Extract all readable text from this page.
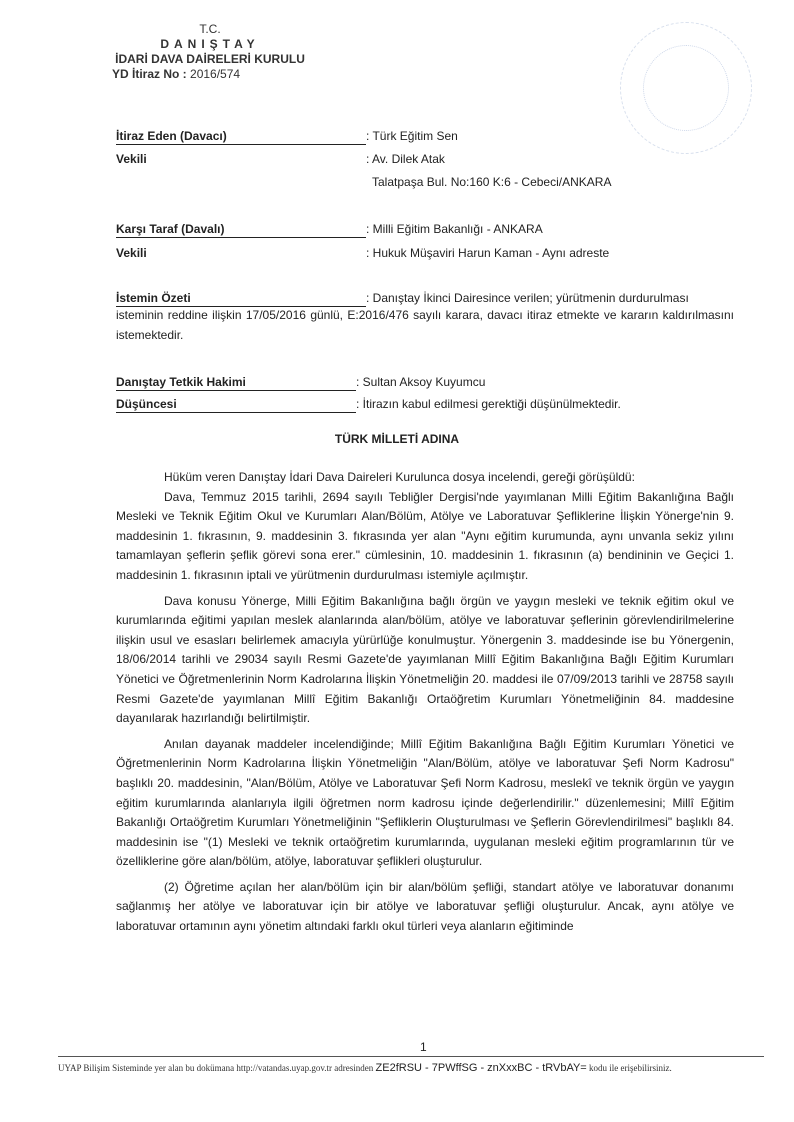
T.C.
DANIŞTAY
İDARİ DAVA DAİRELERİ KURULU
YD İtiraz No : 2016/574
İtiraz Eden (Davacı)	: Türk Eğitim Sen
Vekili	: Av. Dilek Atak
Talatpaşa Bul. No:160 K:6 - Cebeci/ANKARA
Karşı Taraf (Davalı)	: Milli Eğitim Bakanlığı - ANKARA
Vekili	: Hukuk Müşaviri Harun Kaman - Aynı adreste
İstemin Özeti	: Danıştay İkinci Dairesince verilen; yürütmenin durdurulması
isteminin reddine ilişkin 17/05/2016 günlü, E:2016/476 sayılı karara, davacı itiraz etmekte ve kararın kaldırılmasını istemektedir.
Danıştay Tetkik Hakimi	: Sultan Aksoy Kuyumcu
Düşüncesi	: İtirazın kabul edilmesi gerektiği düşünülmektedir.
TÜRK MİLLETİ ADINA

Hüküm veren Danıştay İdari Dava Daireleri Kurulunca dosya incelendi, gereği görüşüldü:

Dava, Temmuz 2015 tarihli, 2694 sayılı Tebliğler Dergisi'nde yayımlanan Milli Eğitim Bakanlığına Bağlı Mesleki ve Teknik Eğitim Okul ve Kurumları Alan/Bölüm, Atölye ve Laboratuvar Şefliklerine İlişkin Yönerge'nin 9. maddesinin 1. fıkrasının, 9. maddesinin 3. fıkrasında yer alan "Aynı eğitim kurumunda, aynı unvanla sekiz yılını tamamlayan şeflerin şeflik görevi sona erer." cümlesinin, 10. maddesinin 1. fıkrasının (a) bendininin ve Geçici 1. maddesinin 1. fıkrasının iptali ve yürütmenin durdurulması istemiyle açılmıştır.

Dava konusu Yönerge, Milli Eğitim Bakanlığına bağlı örgün ve yaygın mesleki ve teknik eğitim okul ve kurumlarında eğitimi yapılan meslek alanlarında alan/bölüm, atölye ve laboratuvar şeflerinin görevlendirilmelerine ilişkin usul ve esasları belirlemek amacıyla yürürlüğe konulmuştur. Yönergenin 3. maddesinde ise bu Yönergenin, 18/06/2014 tarihli ve 29034 sayılı Resmi Gazete'de yayımlanan Millî Eğitim Bakanlığına Bağlı Eğitim Kurumları Yönetici ve Öğretmenlerinin Norm Kadrolarına İlişkin Yönetmeliğin 20. maddesi ile 07/09/2013 tarihli ve 28758 sayılı Resmi Gazete'de yayımlanan Millî Eğitim Bakanlığı Ortaöğretim Kurumları Yönetmeliğinin 84. maddesine dayanılarak hazırlandığı belirtilmiştir.

Anılan dayanak maddeler incelendiğinde; Millî Eğitim Bakanlığına Bağlı Eğitim Kurumları Yönetici ve Öğretmenlerinin Norm Kadrolarına İlişkin Yönetmeliğin "Alan/Bölüm, atölye ve laboratuvar Şefi Norm Kadrosu" başlıklı 20. maddesinin, "Alan/Bölüm, Atölye ve Laboratuvar Şefi Norm Kadrosu, meslekî ve teknik örgün ve yaygın eğitim kurumlarında alanlarıyla ilgili öğretmen norm kadrosu içinde değerlendirilir." düzenlemesini; Millî Eğitim Bakanlığı Ortaöğretim Kurumları Yönetmeliğinin "Şefliklerin Oluşturulması ve Şeflerin Görevlendirilmesi" başlıklı 84. maddesinin ise "(1) Mesleki ve teknik ortaöğretim kurumlarında, uygulanan mesleki eğitim programlarının tür ve özelliklerine göre alan/bölüm, atölye, laboratuvar şeflikleri oluşturulur.

(2) Öğretime açılan her alan/bölüm için bir alan/bölüm şefliği, standart atölye ve laboratuvar donanımı sağlanmış her atölye ve laboratuvar için bir atölye ve laboratuvar şefliği oluşturulur. Ancak, aynı atölye ve laboratuvar ortamının aynı yönetim altındaki farklı okul türleri veya alanların eğitiminde

1
UYAP Bilişim Sisteminde yer alan bu dokümana http://vatandas.uyap.gov.tr adresinden ZE2fRSU - 7PWffSG - znXxxBC - tRVbAY= kodu ile erişebilirsiniz.
